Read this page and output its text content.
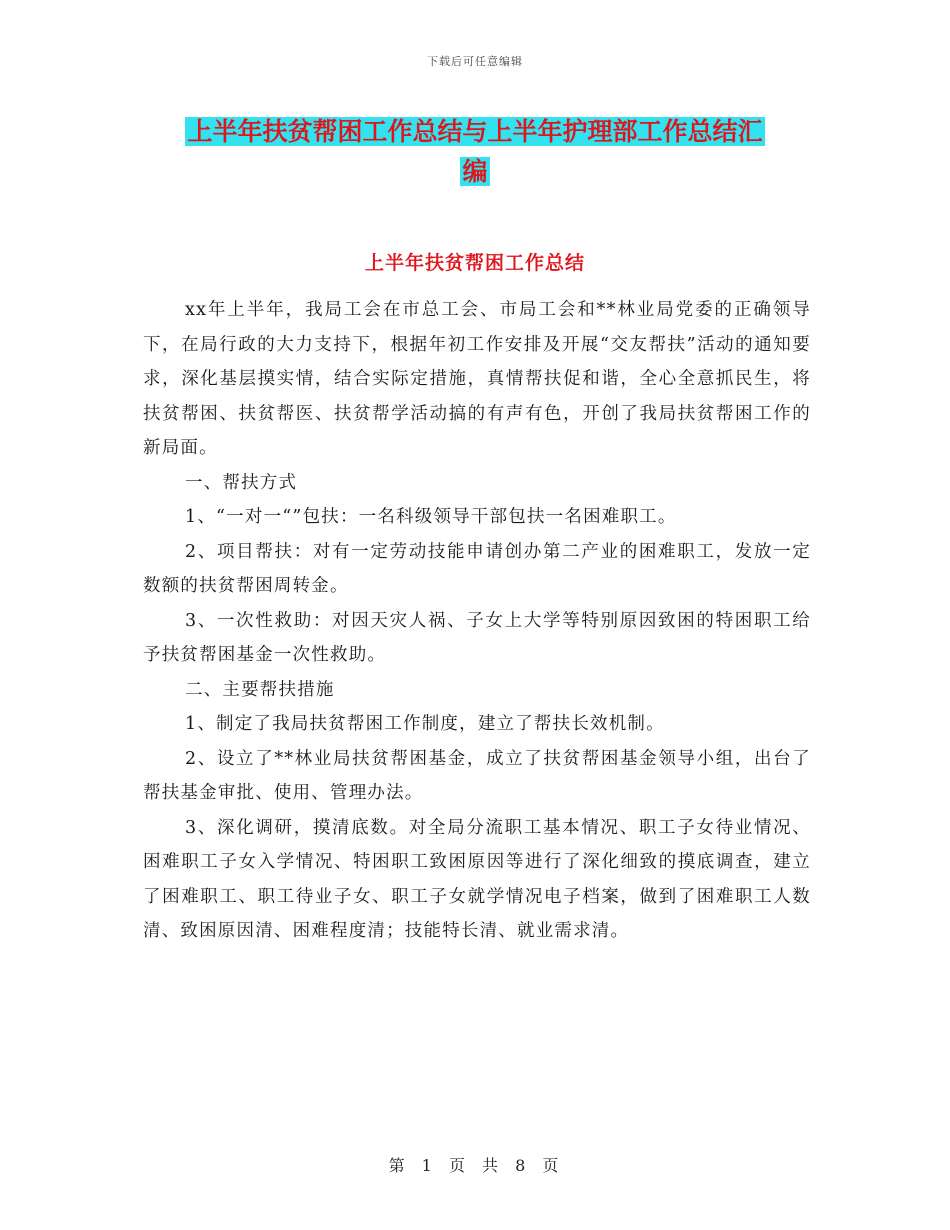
下载后可任意编辑
上半年扶贫帮困工作总结与上半年护理部工作总结汇
编
上半年扶贫帮困工作总结

xx年上半年，我局工会在市总工会、市局工会和**林业局党委的正确领导下，在局行政的大力支持下，根据年初工作安排及开展“交友帮扶”活动的通知要求，深化基层摸实情，结合实际定措施，真情帮扶促和谐，全心全意抓民生，将扶贫帮困、扶贫帮医、扶贫帮学活动搞的有声有色，开创了我局扶贫帮困工作的新局面。

一、帮扶方式

1、“一对一“”包扶：一名科级领导干部包扶一名困难职工。

2、项目帮扶：对有一定劳动技能申请创办第二产业的困难职工，发放一定数额的扶贫帮困周转金。

3、一次性救助：对因天灾人祸、子女上大学等特别原因致困的特困职工给予扶贫帮困基金一次性救助。

二、主要帮扶措施

1、制定了我局扶贫帮困工作制度，建立了帮扶长效机制。

2、设立了**林业局扶贫帮困基金，成立了扶贫帮困基金领导小组，出台了帮扶基金审批、使用、管理办法。

3、深化调研，摸清底数。对全局分流职工基本情况、职工子女待业情况、困难职工子女入学情况、特困职工致困原因等进行了深化细致的摸底调查，建立了困难职工、职工待业子女、职工子女就学情况电子档案，做到了困难职工人数清、致困原因清、困难程度清；技能特长清、就业需求清。

第 1 页 共 8 页
